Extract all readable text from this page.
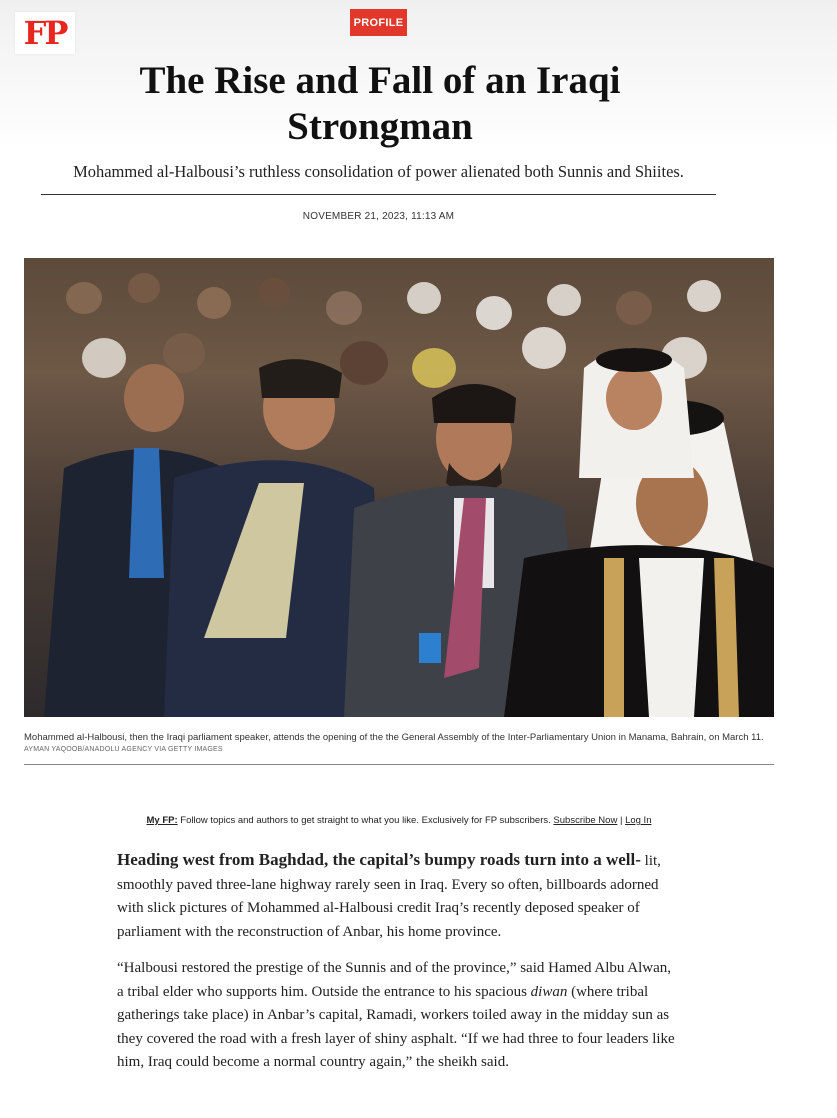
FP	PROFILE
The Rise and Fall of an Iraqi Strongman

Mohammed al-Halbousi’s ruthless consolidation of power alienated both Sunnis and Shiites.

NOVEMBER 21, 2023, 11:13 AM
Mohammed al-Halbousi, then the Iraqi parliament speaker, attends the opening of the the General Assembly of the Inter-Parliamentary Union in Manama, Bahrain, on March 11.
AYMAN YAQOOB/ANADOLU AGENCY VIA GETTY IMAGES
My FP: Follow topics and authors to get straight to what you like. Exclusively for FP subscribers. Subscribe Now | Log In

Heading west from Baghdad, the capital’s bumpy roads turn into a well- lit, smoothly paved three-lane highway rarely seen in Iraq. Every so often, billboards adorned with slick pictures of Mohammed al-Halbousi credit Iraq’s recently deposed speaker of parliament with the reconstruction of Anbar, his home province.

“Halbousi restored the prestige of the Sunnis and of the province,” said Hamed Albu Alwan, a tribal elder who supports him. Outside the entrance to his spacious diwan (where tribal gatherings take place) in Anbar’s capital, Ramadi, workers toiled away in the midday sun as they covered the road with a fresh layer of shiny asphalt. “If we had three to four leaders like him, Iraq could become a normal country again,” the sheikh said.
